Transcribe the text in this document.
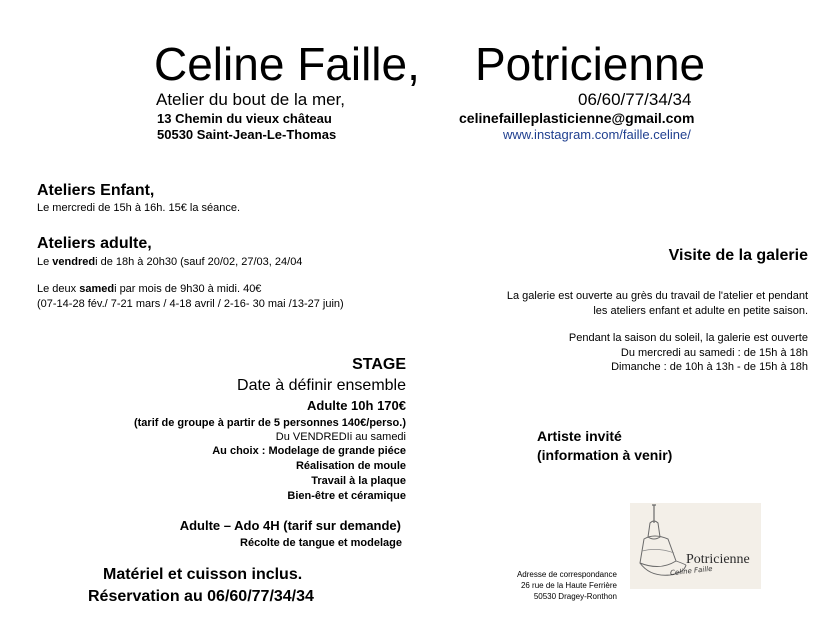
Celine Faille, Potricienne
Atelier du bout de la mer,	06/60/77/34/34
13 Chemin du vieux château	celinefailleplasticienne@gmail.com
50530 Saint-Jean-Le-Thomas	www.instagram.com/faille.celine/
Ateliers Enfant,
Le mercredi de 15h à 16h. 15€ la séance.
Ateliers adulte,
Le vendredi de 18h à 20h30 (sauf 20/02, 27/03, 24/04
Le deux samedi par mois de 9h30 à midi. 40€
(07-14-28 fév./ 7-21 mars / 4-18 avril / 2-16- 30 mai /13-27 juin)
Visite de la galerie
La galerie est ouverte au grès du travail de l'atelier et pendant
les ateliers enfant et adulte en petite saison.
Pendant la saison du soleil, la galerie est ouverte
Du mercredi au samedi : de 15h à 18h
Dimanche : de 10h à 13h - de 15h à 18h
STAGE
Date à définir ensemble
Adulte 10h 170€
(tarif de groupe à partir de 5 personnes 140€/perso.)
Du VENDREDIi au samedi
Au choix : Modelage de grande piéce
Réalisation de moule
Travail à la plaque
Bien-être et céramique
Adulte – Ado 4H (tarif sur demande)
Récolte de tangue et modelage
Artiste invité
(information à venir)
Matériel et cuisson inclus.
Réservation au 06/60/77/34/34
Adresse de correspondance
26 rue de la Haute Ferrière
50530 Dragey-Ronthon
Potricienne
Celine Faille
